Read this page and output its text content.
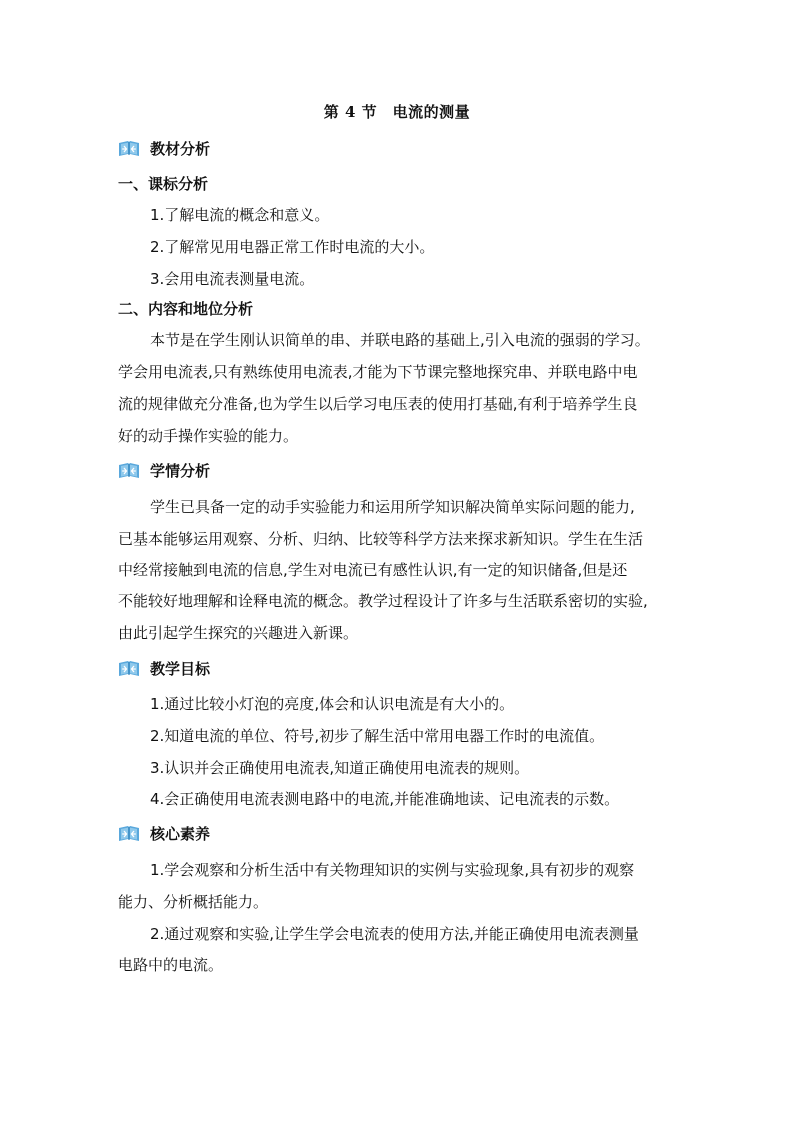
第 4 节　电流的测量
教材分析
一、课标分析
1.了解电流的概念和意义。
2.了解常见用电器正常工作时电流的大小。
3.会用电流表测量电流。
二、内容和地位分析
本节是在学生刚认识简单的串、并联电路的基础上,引入电流的强弱的学习。
学会用电流表,只有熟练使用电流表,才能为下节课完整地探究串、并联电路中电
流的规律做充分准备,也为学生以后学习电压表的使用打基础,有利于培养学生良
好的动手操作实验的能力。
学情分析
学生已具备一定的动手实验能力和运用所学知识解决简单实际问题的能力,
已基本能够运用观察、分析、归纳、比较等科学方法来探求新知识。学生在生活
中经常接触到电流的信息,学生对电流已有感性认识,有一定的知识储备,但是还
不能较好地理解和诠释电流的概念。教学过程设计了许多与生活联系密切的实验,
由此引起学生探究的兴趣进入新课。
教学目标
1.通过比较小灯泡的亮度,体会和认识电流是有大小的。
2.知道电流的单位、符号,初步了解生活中常用电器工作时的电流值。
3.认识并会正确使用电流表,知道正确使用电流表的规则。
4.会正确使用电流表测电路中的电流,并能准确地读、记电流表的示数。
核心素养
1.学会观察和分析生活中有关物理知识的实例与实验现象,具有初步的观察
能力、分析概括能力。
2.通过观察和实验,让学生学会电流表的使用方法,并能正确使用电流表测量
电路中的电流。
